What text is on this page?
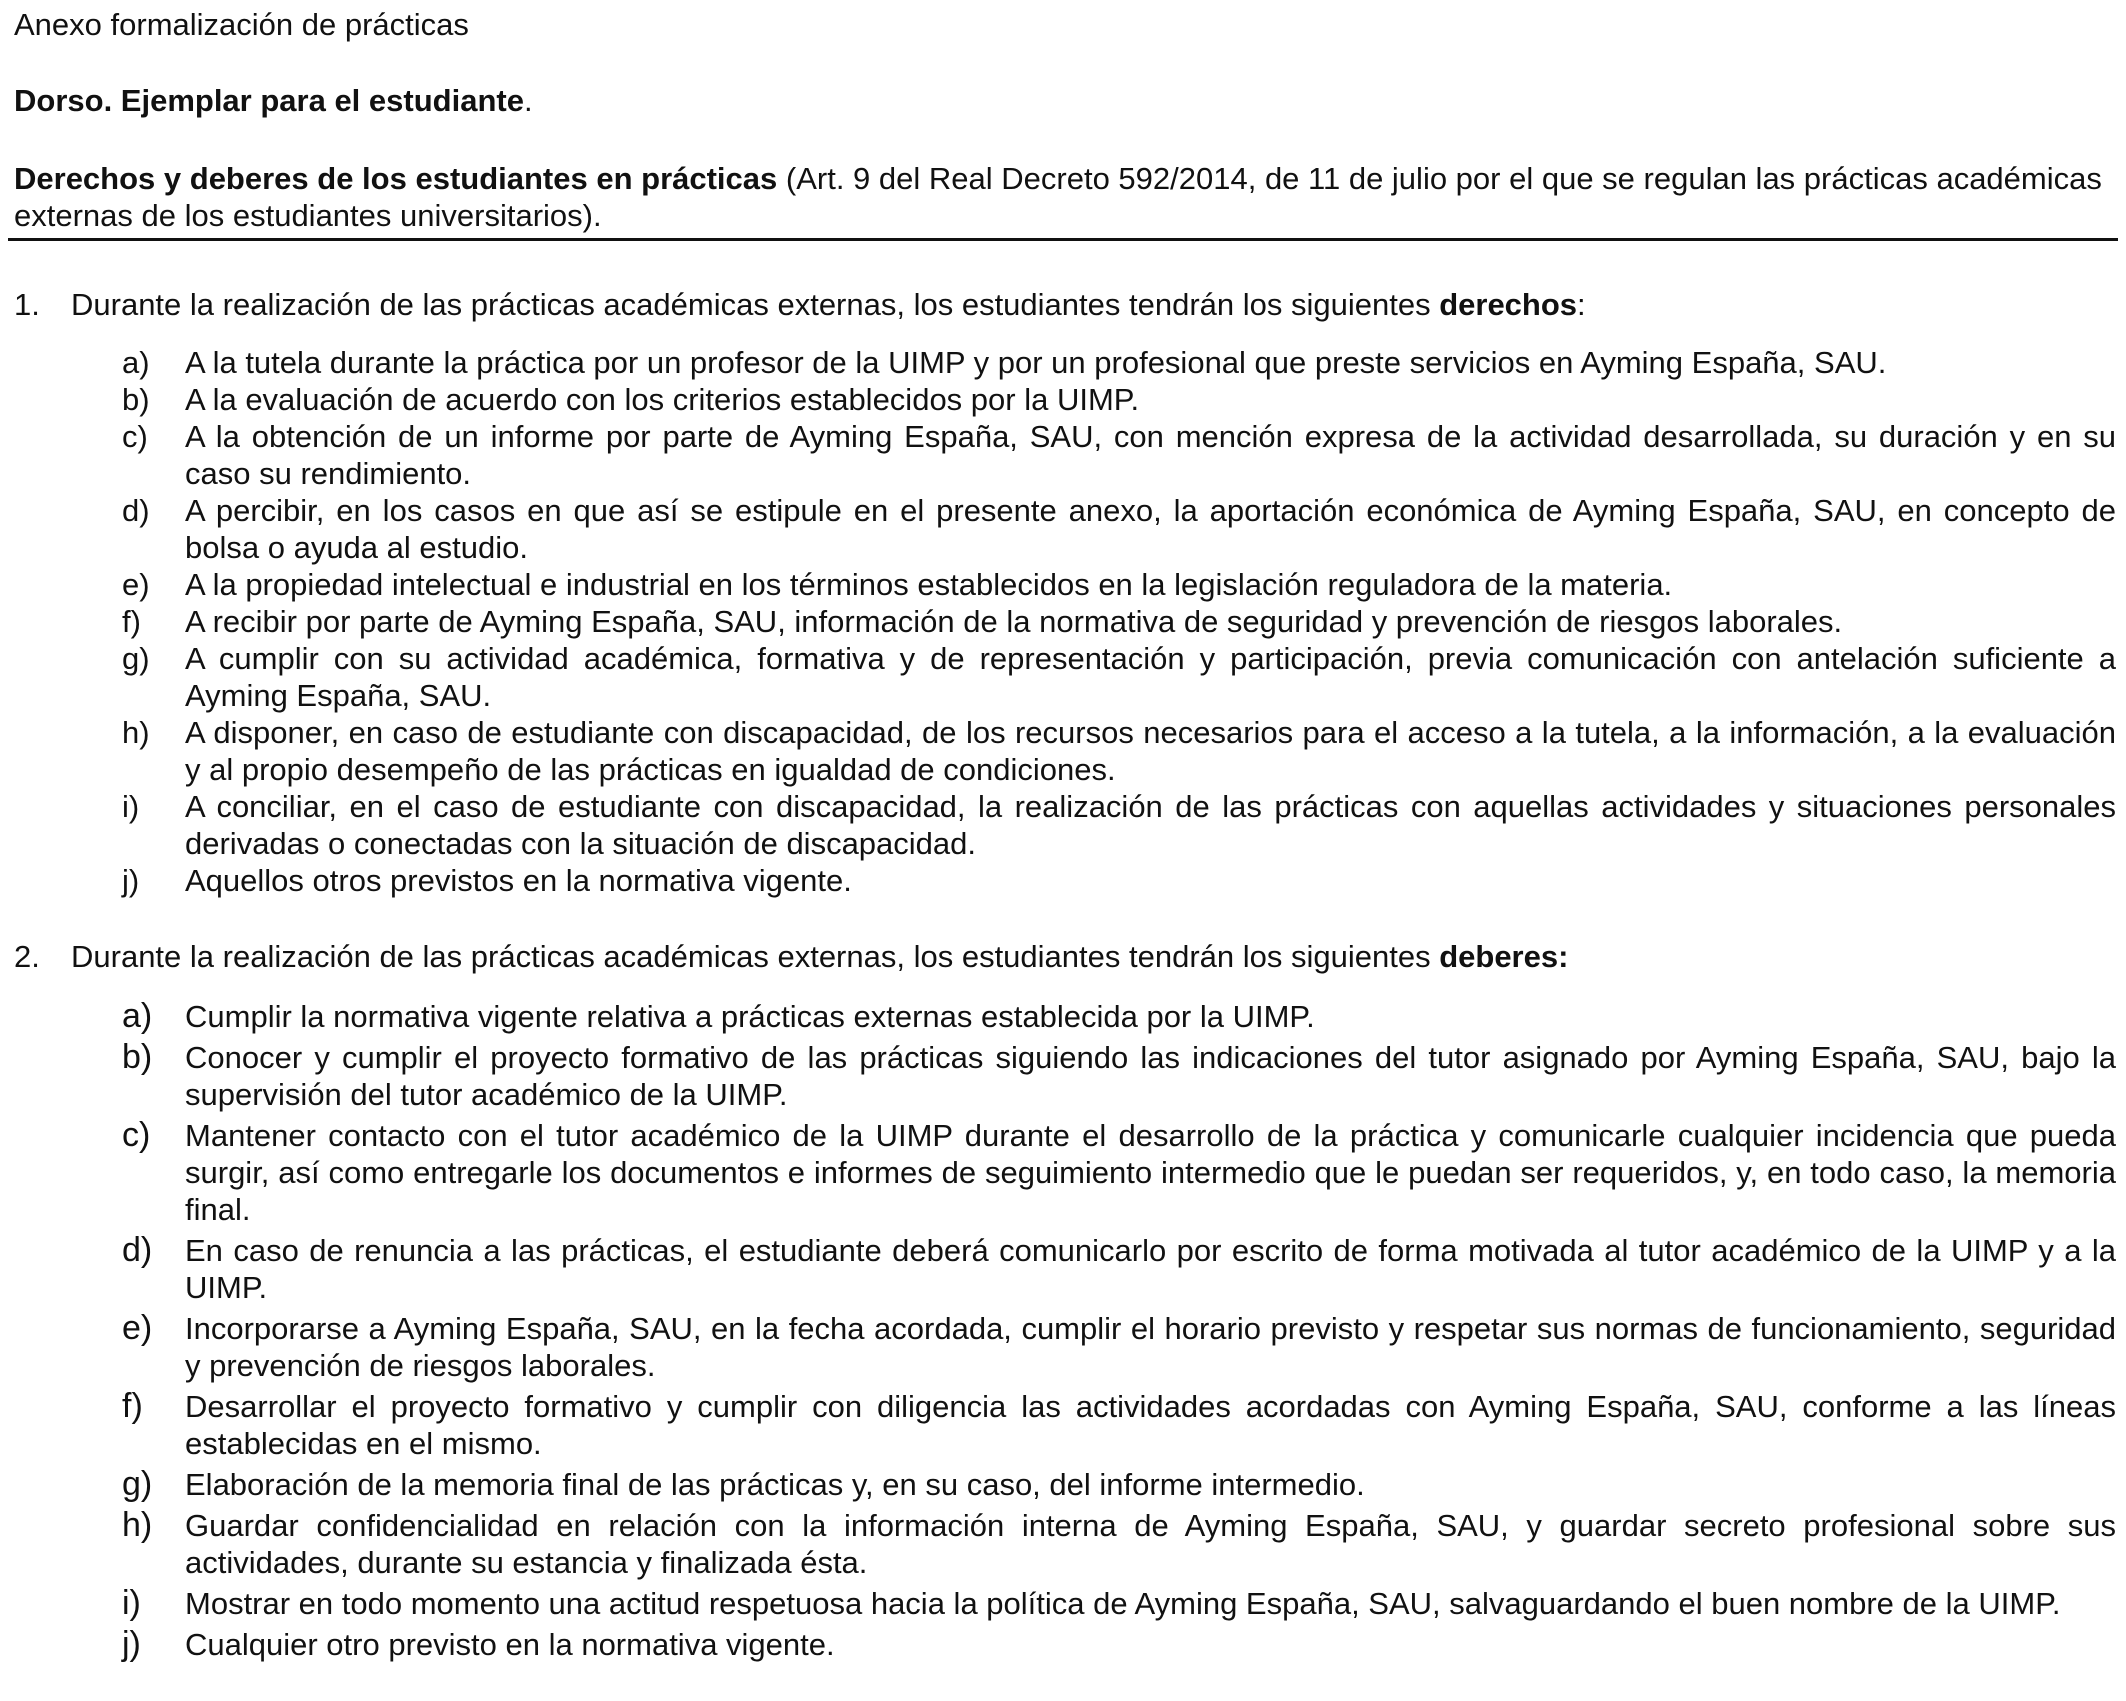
Anexo formalización de prácticas
Dorso. Ejemplar para el estudiante.
Derechos y deberes de los estudiantes en prácticas (Art. 9 del Real Decreto 592/2014, de 11 de julio por el que se regulan las prácticas académicas externas de los estudiantes universitarios).
1. Durante la realización de las prácticas académicas externas, los estudiantes tendrán los siguientes derechos:
a)	A la tutela durante la práctica por un profesor de la UIMP y por un profesional que preste servicios en Ayming España, SAU.
b)	A la evaluación de acuerdo con los criterios establecidos por la UIMP.
c)	A la obtención de un informe por parte de Ayming España, SAU, con mención expresa de la actividad desarrollada, su duración y en su caso su rendimiento.
d)	A percibir, en los casos en que así se estipule en el presente anexo, la aportación económica de Ayming España, SAU, en concepto de bolsa o ayuda al estudio.
e)	A la propiedad intelectual e industrial en los términos establecidos en la legislación reguladora de la materia.
f)	A recibir por parte de Ayming España, SAU, información de la normativa de seguridad y prevención de riesgos laborales.
g)	A cumplir con su actividad académica, formativa y de representación y participación, previa comunicación con antelación suficiente a Ayming España, SAU.
h)	A disponer, en caso de estudiante con discapacidad, de los recursos necesarios para el acceso a la tutela, a la información, a la evaluación y al propio desempeño de las prácticas en igualdad de condiciones.
i)	A conciliar, en el caso de estudiante con discapacidad, la realización de las prácticas con aquellas actividades y situaciones personales derivadas o conectadas con la situación de discapacidad.
j)	Aquellos otros previstos en la normativa vigente.
2. Durante la realización de las prácticas académicas externas, los estudiantes tendrán los siguientes deberes:
a)	Cumplir la normativa vigente relativa a prácticas externas establecida por la UIMP.
b)	Conocer y cumplir el proyecto formativo de las prácticas siguiendo las indicaciones del tutor asignado por Ayming España, SAU, bajo la supervisión del tutor académico de la UIMP.
c)	Mantener contacto con el tutor académico de la UIMP durante el desarrollo de la práctica y comunicarle cualquier incidencia que pueda surgir, así como entregarle los documentos e informes de seguimiento intermedio que le puedan ser requeridos, y, en todo caso, la memoria final.
d)	En caso de renuncia a las prácticas, el estudiante deberá comunicarlo por escrito de forma motivada al tutor académico de la UIMP y a la UIMP.
e)	Incorporarse a Ayming España, SAU, en la fecha acordada, cumplir el horario previsto y respetar sus normas de funcionamiento, seguridad y prevención de riesgos laborales.
f)	Desarrollar el proyecto formativo y cumplir con diligencia las actividades acordadas con Ayming España, SAU, conforme a las líneas establecidas en el mismo.
g)	Elaboración de la memoria final de las prácticas y, en su caso, del informe intermedio.
h)	Guardar confidencialidad en relación con la información interna de Ayming España, SAU, y guardar secreto profesional sobre sus actividades, durante su estancia y finalizada ésta.
i)	Mostrar en todo momento una actitud respetuosa hacia la política de Ayming España, SAU, salvaguardando el buen nombre de la UIMP.
j)	Cualquier otro previsto en la normativa vigente.
